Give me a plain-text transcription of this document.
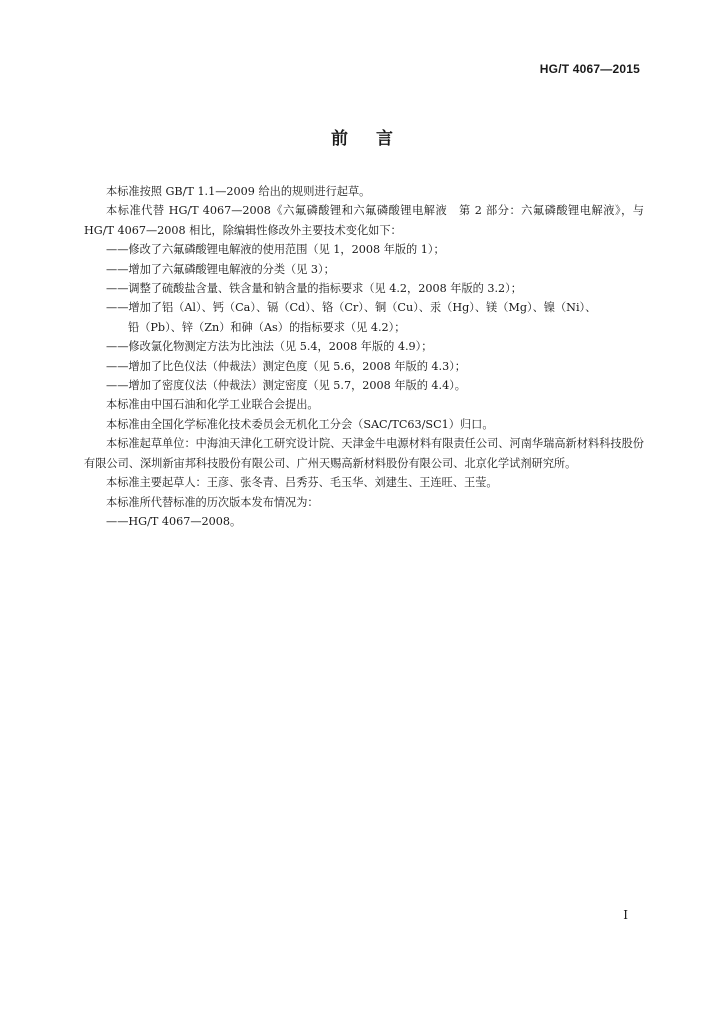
HG/T 4067—2015
前言

本标准按照 GB/T 1.1—2009 给出的规则进行起草。

本标准代替 HG/T 4067—2008《六氟磷酸锂和六氟磷酸锂电解液　第 2 部分：六氟磷酸锂电解液》，与 HG/T 4067—2008 相比，除编辑性修改外主要技术变化如下：

——修改了六氟磷酸锂电解液的使用范围（见 1，2008 年版的 1）；

——增加了六氟磷酸锂电解液的分类（见 3）；

——调整了硫酸盐含量、铁含量和钠含量的指标要求（见 4.2，2008 年版的 3.2）；

——增加了铝（Al）、钙（Ca）、镉（Cd）、铬（Cr）、铜（Cu）、汞（Hg）、镁（Mg）、镍（Ni）、

铅（Pb）、锌（Zn）和砷（As）的指标要求（见 4.2）；

——修改氯化物测定方法为比浊法（见 5.4，2008 年版的 4.9）；

——增加了比色仪法（仲裁法）测定色度（见 5.6，2008 年版的 4.3）；

——增加了密度仪法（仲裁法）测定密度（见 5.7，2008 年版的 4.4）。

本标准由中国石油和化学工业联合会提出。

本标准由全国化学标准化技术委员会无机化工分会（SAC/TC63/SC1）归口。

本标准起草单位：中海油天津化工研究设计院、天津金牛电源材料有限责任公司、河南华瑞高新材料科技股份有限公司、深圳新宙邦科技股份有限公司、广州天赐高新材料股份有限公司、北京化学试剂研究所。

本标准主要起草人：王彦、张冬青、吕秀芬、毛玉华、刘建生、王连旺、王莹。

本标准所代替标准的历次版本发布情况为：

——HG/T 4067—2008。

I
